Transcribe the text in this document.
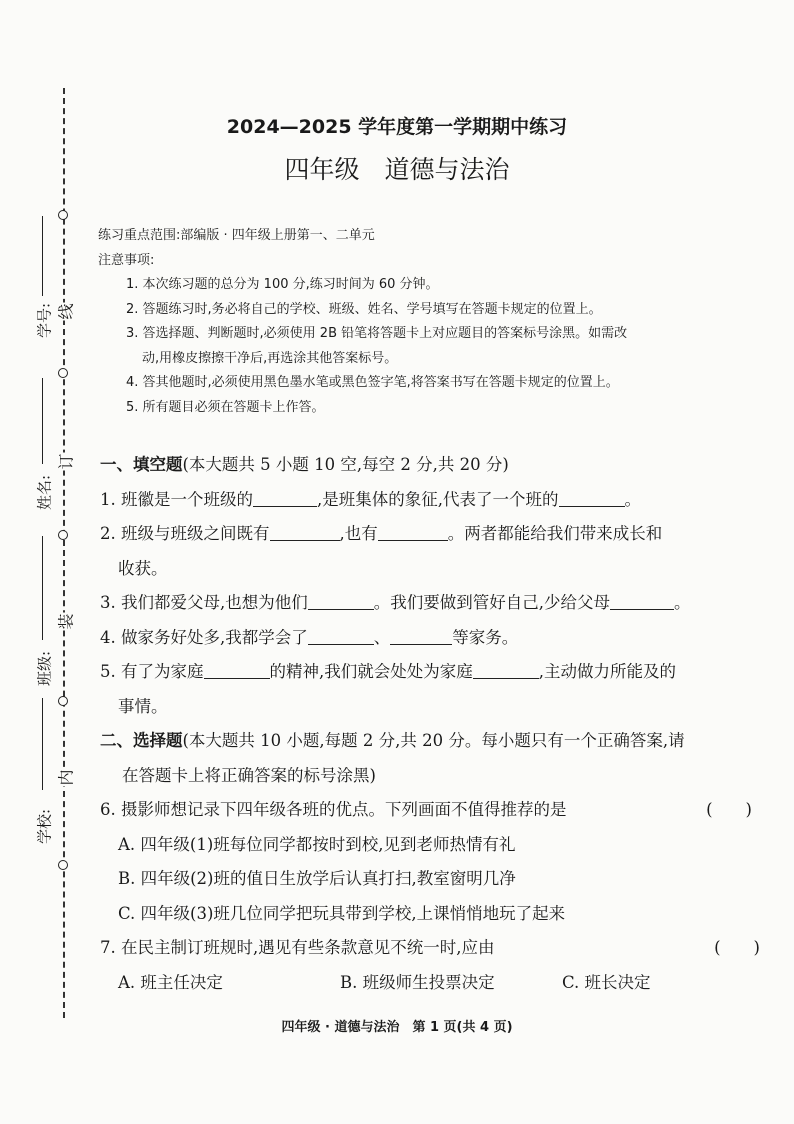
线
订
装
内
学号:
姓名:
班级:
学校:
2024—2025 学年度第一学期期中练习
四年级　道德与法治
练习重点范围:部编版 · 四年级上册第一、二单元
注意事项:
1. 本次练习题的总分为 100 分,练习时间为 60 分钟。
2. 答题练习时,务必将自己的学校、班级、姓名、学号填写在答题卡规定的位置上。
3. 答选择题、判断题时,必须使用 2B 铅笔将答题卡上对应题目的答案标号涂黑。如需改
动,用橡皮擦擦干净后,再选涂其他答案标号。
4. 答其他题时,必须使用黑色墨水笔或黑色签字笔,将答案书写在答题卡规定的位置上。
5. 所有题目必须在答题卡上作答。
一、填空题(本大题共 5 小题 10 空,每空 2 分,共 20 分)
1. 班徽是一个班级的	,是班集体的象征,代表了一个班的	。
2. 班级与班级之间既有	,也有	。两者都能给我们带来成长和
收获。
3. 我们都爱父母,也想为他们	。我们要做到管好自己,少给父母	。
4. 做家务好处多,我都学会了	、	等家务。
5. 有了为家庭	的精神,我们就会处处为家庭	,主动做力所能及的
事情。
二、选择题(本大题共 10 小题,每题 2 分,共 20 分。每小题只有一个正确答案,请
在答题卡上将正确答案的标号涂黑)
6. 摄影师想记录下四年级各班的优点。下列画面不值得推荐的是	(　　)
A. 四年级(1)班每位同学都按时到校,见到老师热情有礼
B. 四年级(2)班的值日生放学后认真打扫,教室窗明几净
C. 四年级(3)班几位同学把玩具带到学校,上课悄悄地玩了起来
7. 在民主制订班规时,遇见有些条款意见不统一时,应由	(　　)
A. 班主任决定	B. 班级师生投票决定	C. 班长决定
四年级 · 道德与法治　第 1 页(共 4 页)
